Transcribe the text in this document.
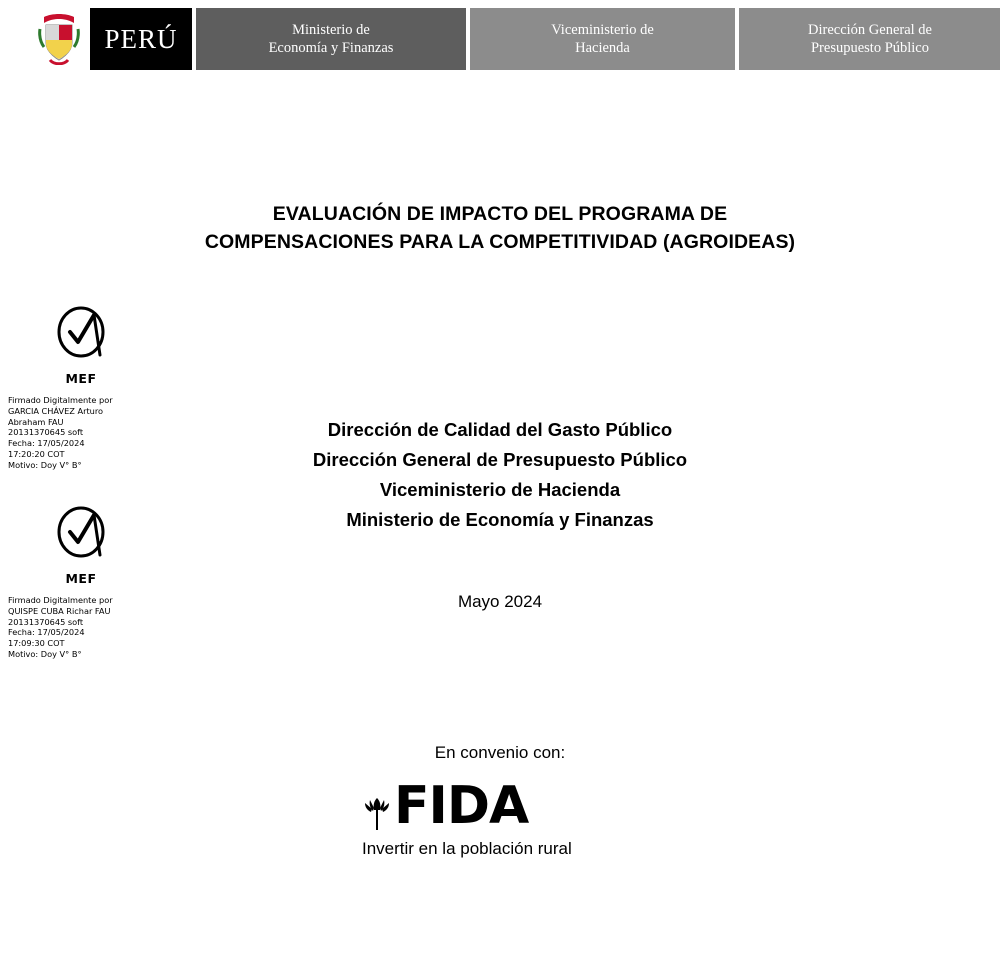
PERÚ	Ministerio de
Economía y Finanzas
Viceministerio de
Hacienda
Dirección General de
Presupuesto Público
EVALUACIÓN DE IMPACTO DEL PROGRAMA DE COMPENSACIONES PARA LA COMPETITIVIDAD (AGROIDEAS)
Dirección de Calidad del Gasto Público
Dirección General de Presupuesto Público
Viceministerio de Hacienda
Ministerio de Economía y Finanzas
Mayo 2024
En convenio con:
FIDA
Invertir en la población rural
MEF
Firmado Digitalmente por
GARCIA CHÁVEZ Arturo
Abraham FAU
20131370645 soft
Fecha: 17/05/2024
17:20:20 COT
Motivo: Doy V° B°
MEF
Firmado Digitalmente por
QUISPE CUBA Richar FAU
20131370645 soft
Fecha: 17/05/2024
17:09:30 COT
Motivo: Doy V° B°
